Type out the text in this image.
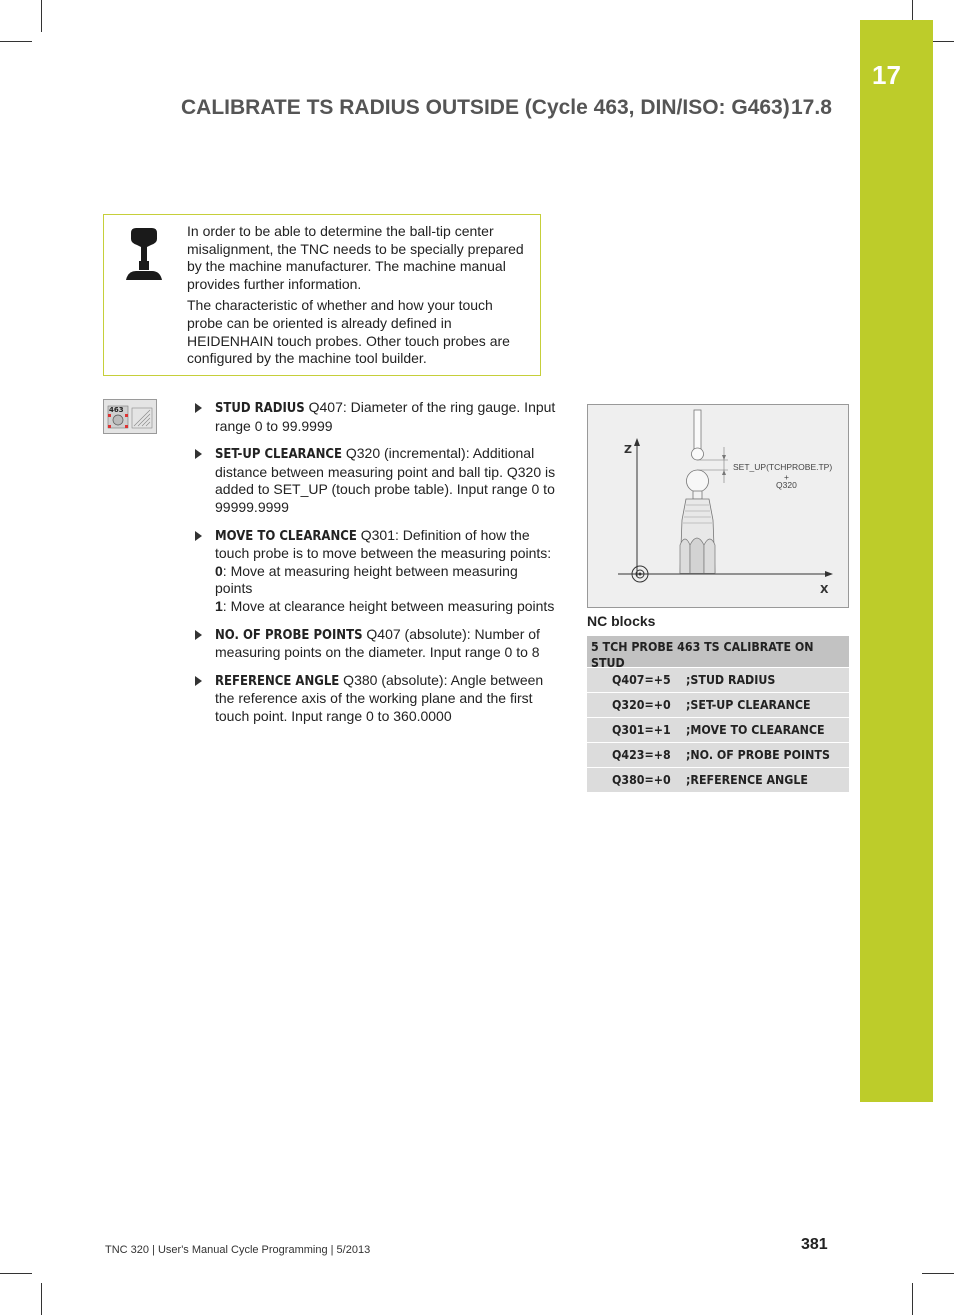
17
CALIBRATE TS RADIUS OUTSIDE (Cycle 463, DIN/ISO: G463) 17.8

In order to be able to determine the ball-tip center misalignment, the TNC needs to be specially prepared by the machine manufacturer. The machine manual provides further information.

The characteristic of whether and how your touch probe can be oriented is already defined in HEIDENHAIN touch probes. Other touch probes are configured by the machine tool builder.

463	STUD RADIUS Q407: Diameter of the ring gauge. Input range 0 to 99.9999
SET-UP CLEARANCE Q320 (incremental): Additional distance between measuring point and ball tip. Q320 is added to SET_UP (touch probe table). Input range 0 to 99999.9999
MOVE TO CLEARANCE Q301: Definition of how the touch probe is to move between the measuring points:
0: Move at measuring height between measuring points
1: Move at clearance height between measuring points
NO. OF PROBE POINTS Q407 (absolute): Number of measuring points on the diameter. Input range 0 to 8
REFERENCE ANGLE Q380 (absolute): Angle between the reference axis of the working plane and the first touch point. Input range 0 to 360.0000
Z
X
SET_UP(TCHPROBE.TP)
+
Q320
NC blocks
5 TCH PROBE 463 TS CALIBRATE ON STUD
Q407=+5	;STUD RADIUS
Q320=+0	;SET-UP CLEARANCE
Q301=+1	;MOVE TO CLEARANCE
Q423=+8	;NO. OF PROBE POINTS
Q380=+0	;REFERENCE ANGLE
TNC 320 | User's Manual Cycle Programming | 5/2013	381
